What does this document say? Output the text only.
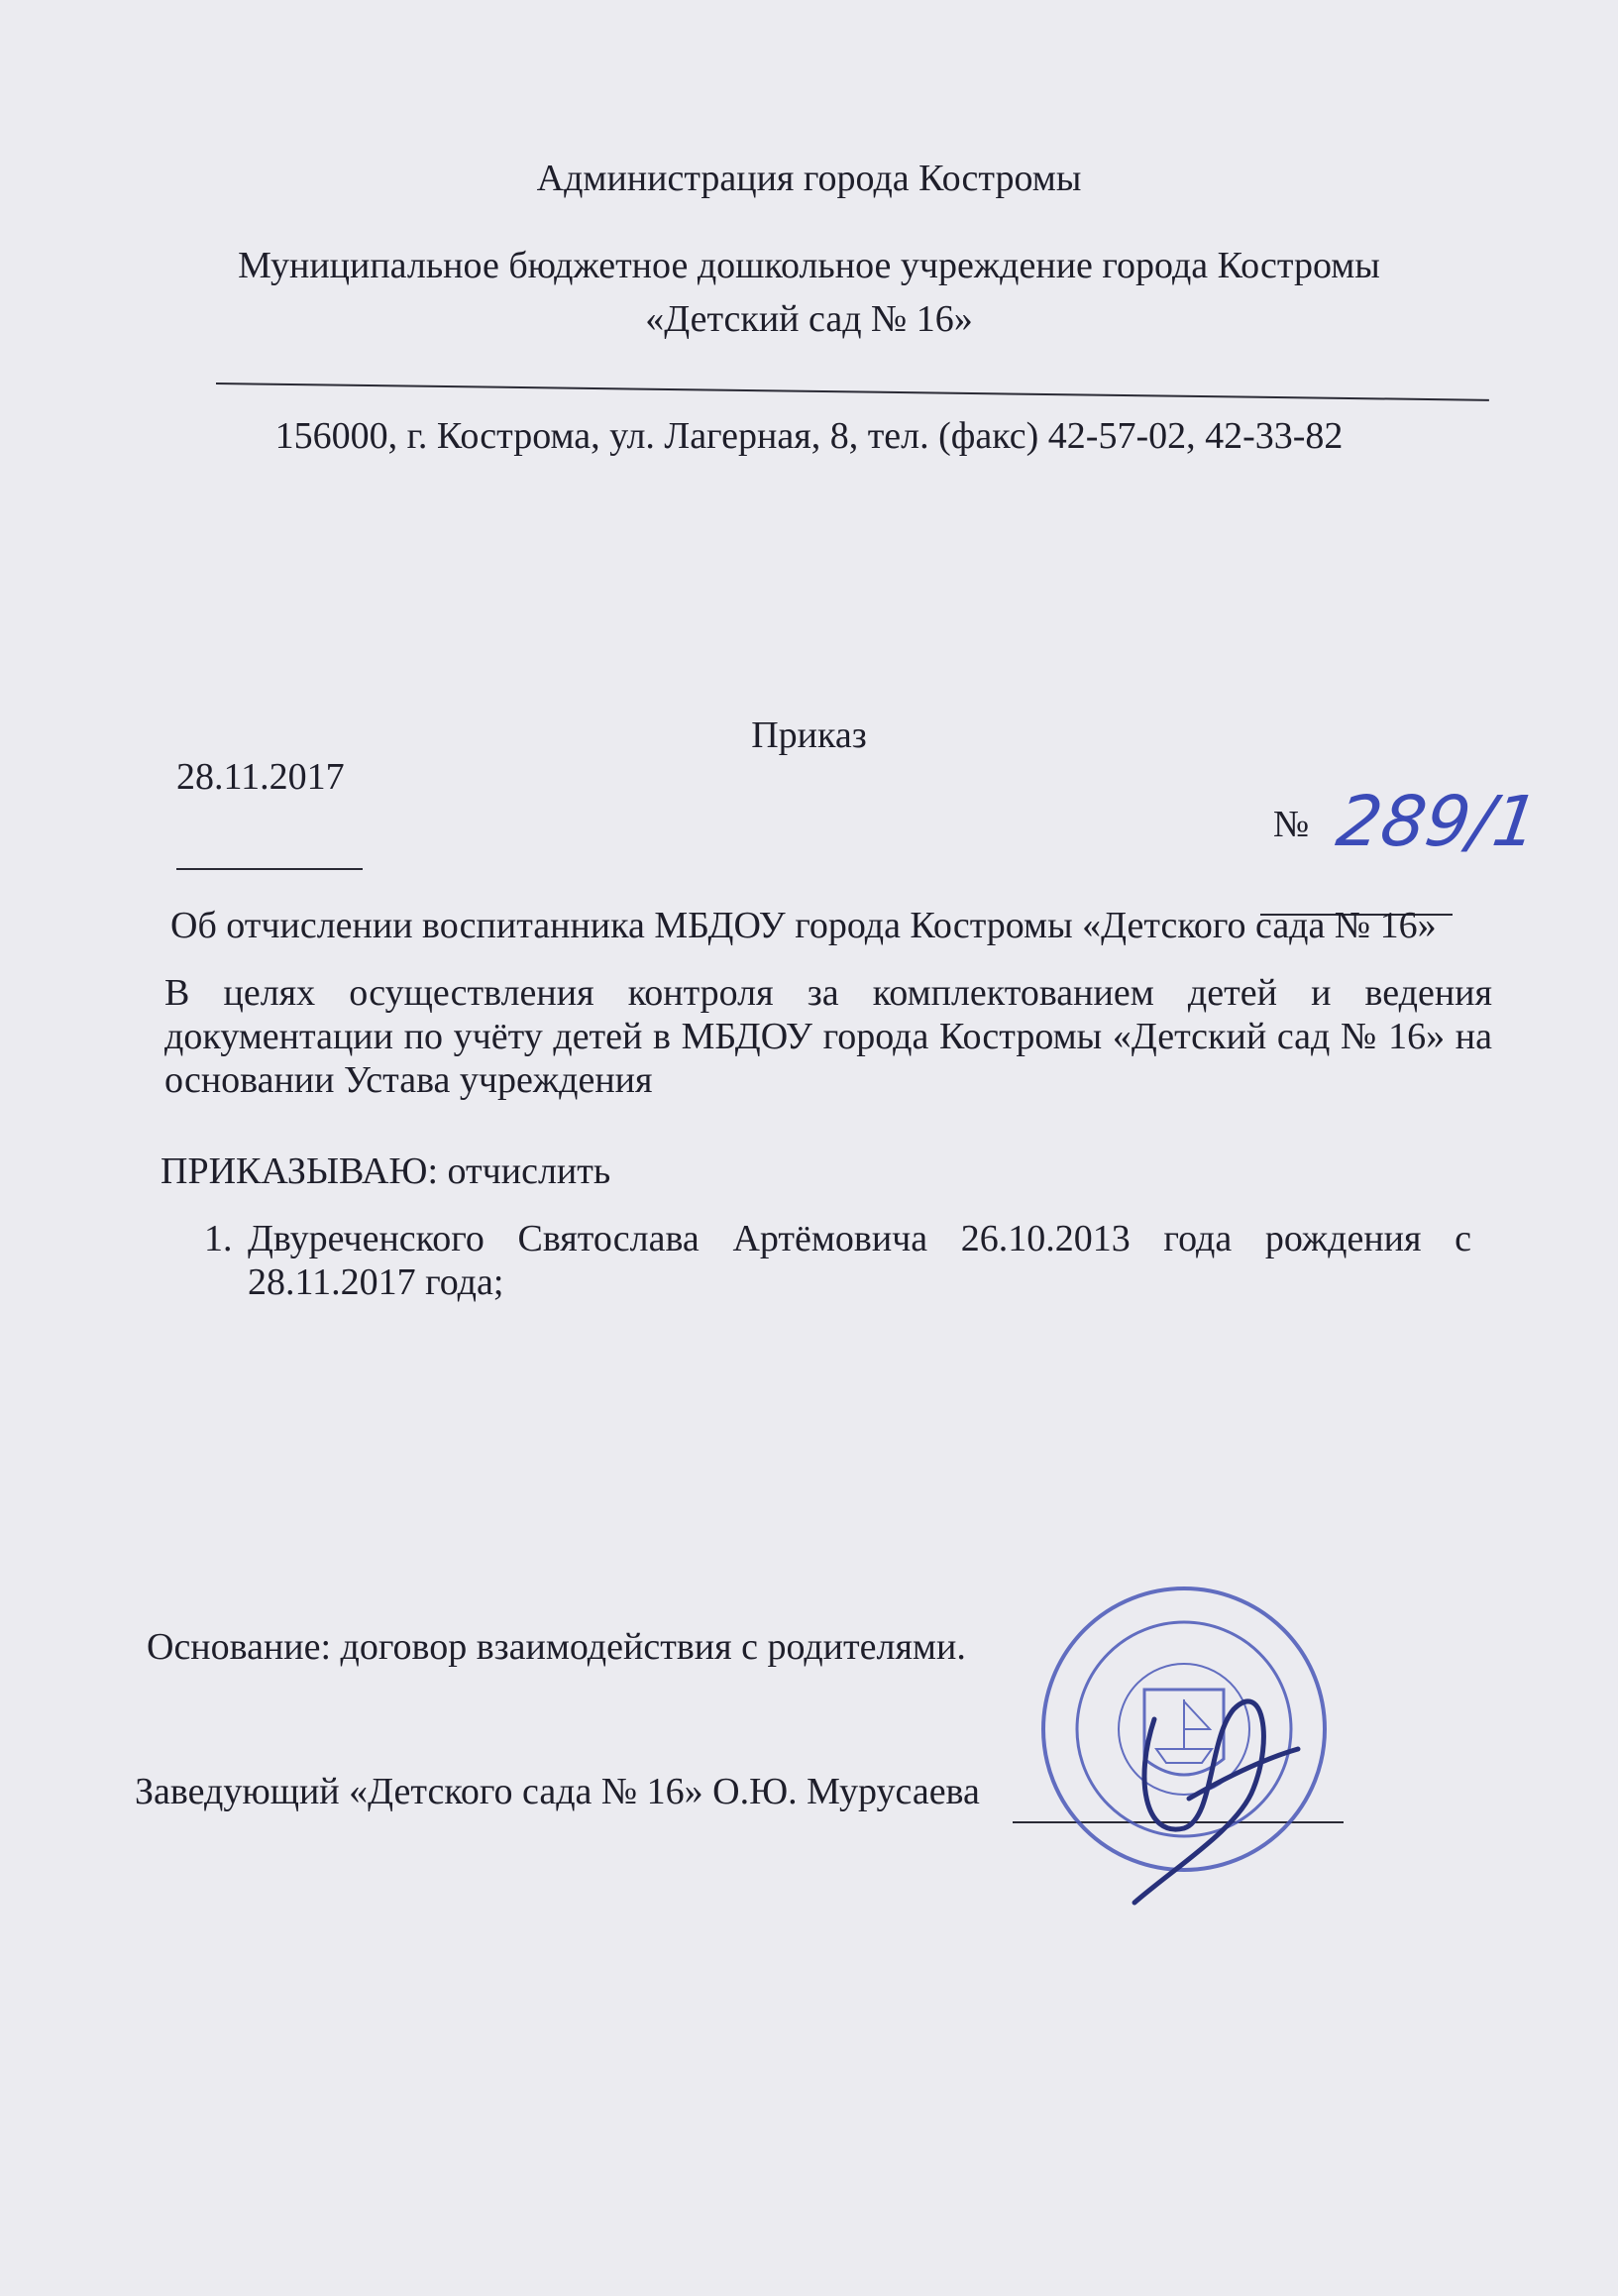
Администрация города Костромы
Муниципальное бюджетное дошкольное учреждение города Костромы
«Детский сад № 16»
156000, г. Кострома, ул. Лагерная, 8, тел. (факс) 42-57-02, 42-33-82
Приказ
28.11.2017
№ 289/1
Об отчислении воспитанника МБДОУ города Костромы «Детского сада № 16»
В целях осуществления контроля за комплектованием детей и ведения документации по учёту детей в МБДОУ города Костромы «Детский сад № 16» на основании Устава учреждения
ПРИКАЗЫВАЮ: отчислить
1. Двуреченского Святослава Артёмовича 26.10.2013 года рождения с 28.11.2017 года;
Основание: договор взаимодействия с родителями.
Заведующий «Детского сада № 16» О.Ю. Мурусаева
